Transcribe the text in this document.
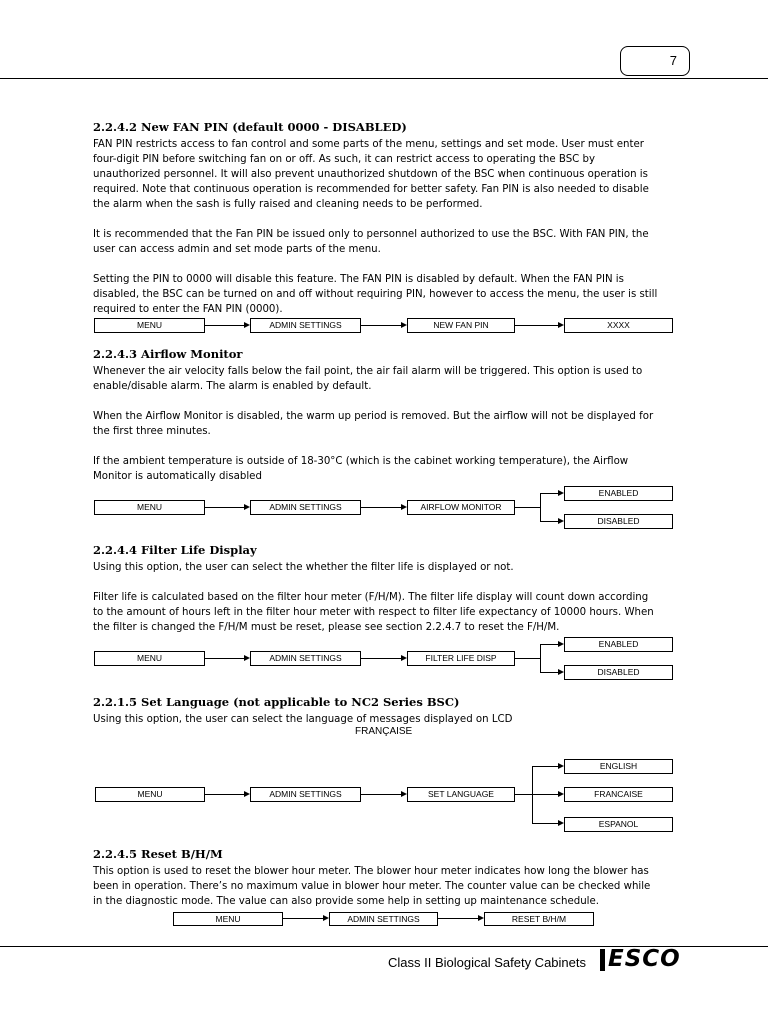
7
2.2.4.2 New FAN PIN (default 0000 - DISABLED)
FAN PIN restricts access to fan control and some parts of the menu, settings and set mode. User must enter
four-digit PIN before switching fan on or off. As such, it can restrict access to operating the BSC by
unauthorized personnel. It will also prevent unauthorized shutdown of the BSC when continuous operation is
required. Note that continuous operation is recommended for better safety. Fan PIN is also needed to disable
the alarm when the sash is fully raised and cleaning needs to be performed.
It is recommended that the Fan PIN be issued only to personnel authorized to use the BSC. With FAN PIN, the
user can access admin and set mode parts of the menu.
Setting the PIN to 0000 will disable this feature. The FAN PIN is disabled by default. When the FAN PIN is
disabled, the BSC can be turned on and off without requiring PIN, however to access the menu, the user is still
required to enter the FAN PIN (0000).
MENU	ADMIN SETTINGS	NEW FAN PIN	XXXX
2.2.4.3 Airflow Monitor
Whenever the air velocity falls below the fail point, the air fail alarm will be triggered. This option is used to
enable/disable alarm. The alarm is enabled by default.
When the Airflow Monitor is disabled, the warm up period is removed. But the airflow will not be displayed for
the first three minutes.
If the ambient temperature is outside of 18-30°C (which is the cabinet working temperature), the Airflow
Monitor is automatically disabled
MENU	ADMIN SETTINGS	AIRFLOW MONITOR
ENABLED
DISABLED
2.2.4.4 Filter Life Display
Using this option, the user can select the whether the filter life is displayed or not.
Filter life is calculated based on the filter hour meter (F/H/M). The filter life display will count down according
to the amount of hours left in the filter hour meter with respect to filter life expectancy of 10000 hours. When
the filter is changed the F/H/M must be reset, please see section 2.2.4.7 to reset the F/H/M.
MENU	ADMIN SETTINGS	FILTER LIFE DISP
ENABLED
DISABLED
2.2.1.5 Set Language (not applicable to NC2 Series BSC)
Using this option, the user can select the language of messages displayed on LCD
FRANÇAISE
MENU	ADMIN SETTINGS	SET LANGUAGE
ENGLISH
FRANCAISE
ESPANOL
2.2.4.5 Reset B/H/M
This option is used to reset the blower hour meter. The blower hour meter indicates how long the blower has
been in operation. There’s no maximum value in blower hour meter. The counter value can be checked while
in the diagnostic mode. The value can also provide some help in setting up maintenance schedule.
MENU	ADMIN SETTINGS	RESET B/H/M
Class II Biological Safety Cabinets ESCO
